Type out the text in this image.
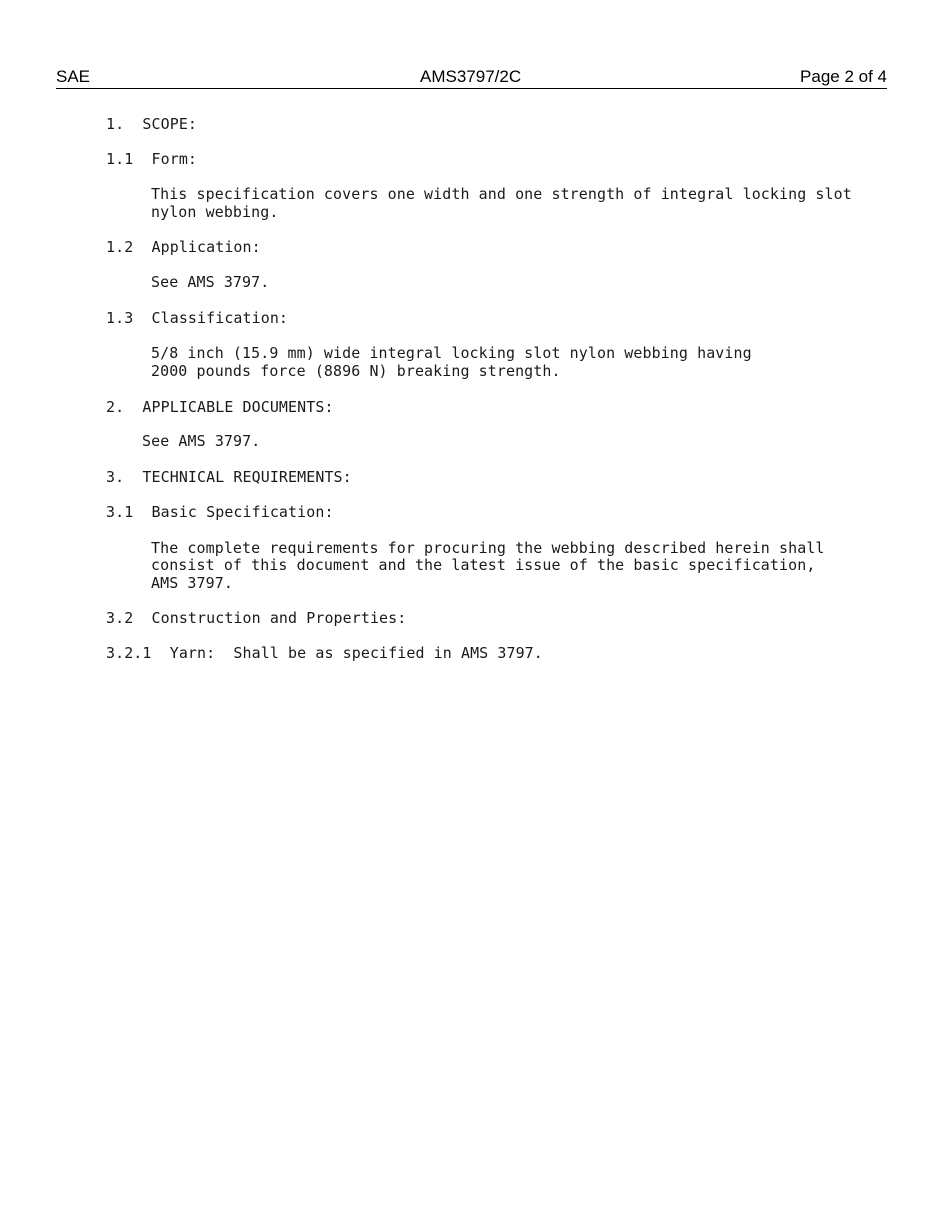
SAE	AMS3797/2C	Page 2 of 4
1.  SCOPE:
1.1  Form:
This specification covers one width and one strength of integral locking slot
nylon webbing.
1.2  Application:
See AMS 3797.
1.3  Classification:
5/8 inch (15.9 mm) wide integral locking slot nylon webbing having
2000 pounds force (8896 N) breaking strength.
2.  APPLICABLE DOCUMENTS:
See AMS 3797.
3.  TECHNICAL REQUIREMENTS:
3.1  Basic Specification:
The complete requirements for procuring the webbing described herein shall
consist of this document and the latest issue of the basic specification,
AMS 3797.
3.2  Construction and Properties:
3.2.1  Yarn:  Shall be as specified in AMS 3797.
